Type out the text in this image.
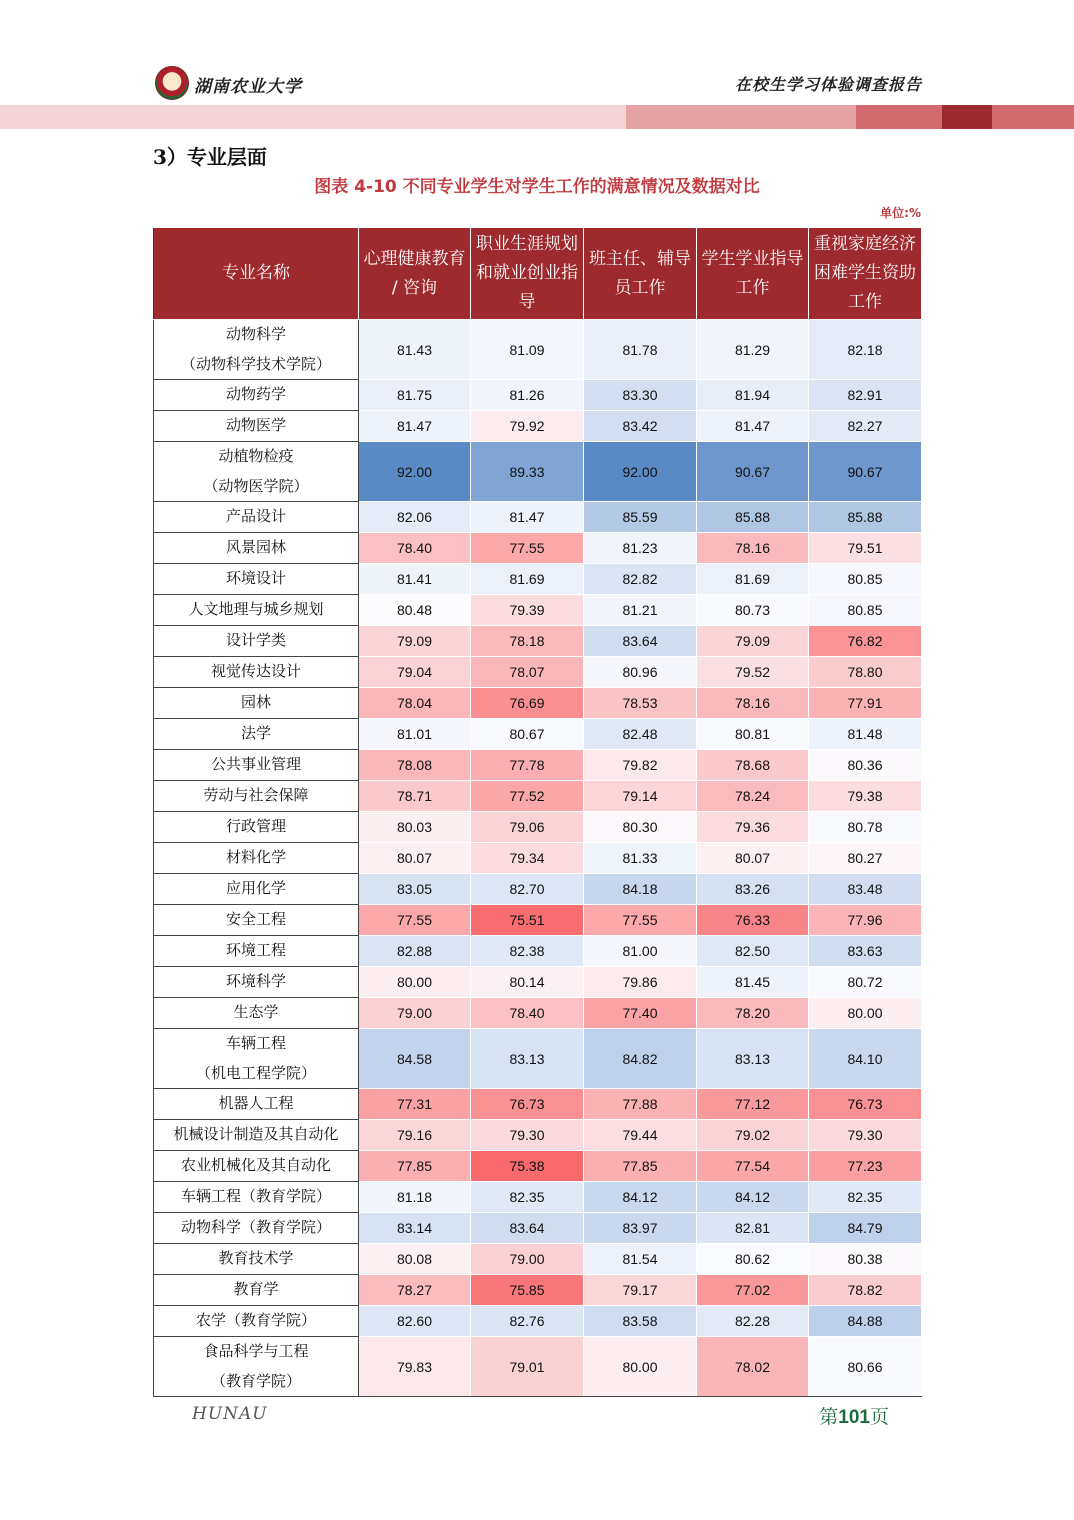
湖南农业大学	在校生学习体验调查报告
3）专业层面
图表 4-10 不同专业学生对学生工作的满意情况及数据对比
单位:%
专业名称	心理健康教育 / 咨询	职业生涯规划和就业创业指导	班主任、辅导员工作	学生学业指导工作	重视家庭经济困难学生资助工作

动物科学
（动物科学技术学院）	81.43	81.09	81.78	81.29	82.18

动物药学	81.75	81.26	83.30	81.94	82.91

动物医学	81.47	79.92	83.42	81.47	82.27

动植物检疫
（动物医学院）	92.00	89.33	92.00	90.67	90.67

产品设计	82.06	81.47	85.59	85.88	85.88

风景园林	78.40	77.55	81.23	78.16	79.51

环境设计	81.41	81.69	82.82	81.69	80.85

人文地理与城乡规划	80.48	79.39	81.21	80.73	80.85

设计学类	79.09	78.18	83.64	79.09	76.82

视觉传达设计	79.04	78.07	80.96	79.52	78.80

园林	78.04	76.69	78.53	78.16	77.91

法学	81.01	80.67	82.48	80.81	81.48

公共事业管理	78.08	77.78	79.82	78.68	80.36

劳动与社会保障	78.71	77.52	79.14	78.24	79.38

行政管理	80.03	79.06	80.30	79.36	80.78

材料化学	80.07	79.34	81.33	80.07	80.27

应用化学	83.05	82.70	84.18	83.26	83.48

安全工程	77.55	75.51	77.55	76.33	77.96

环境工程	82.88	82.38	81.00	82.50	83.63

环境科学	80.00	80.14	79.86	81.45	80.72

生态学	79.00	78.40	77.40	78.20	80.00

车辆工程
（机电工程学院）	84.58	83.13	84.82	83.13	84.10

机器人工程	77.31	76.73	77.88	77.12	76.73

机械设计制造及其自动化	79.16	79.30	79.44	79.02	79.30

农业机械化及其自动化	77.85	75.38	77.85	77.54	77.23

车辆工程（教育学院）	81.18	82.35	84.12	84.12	82.35

动物科学（教育学院）	83.14	83.64	83.97	82.81	84.79

教育技术学	80.08	79.00	81.54	80.62	80.38

教育学	78.27	75.85	79.17	77.02	78.82

农学（教育学院）	82.60	82.76	83.58	82.28	84.88

食品科学与工程
（教育学院）	79.83	79.01	80.00	78.02	80.66
HUNAU	第101页
